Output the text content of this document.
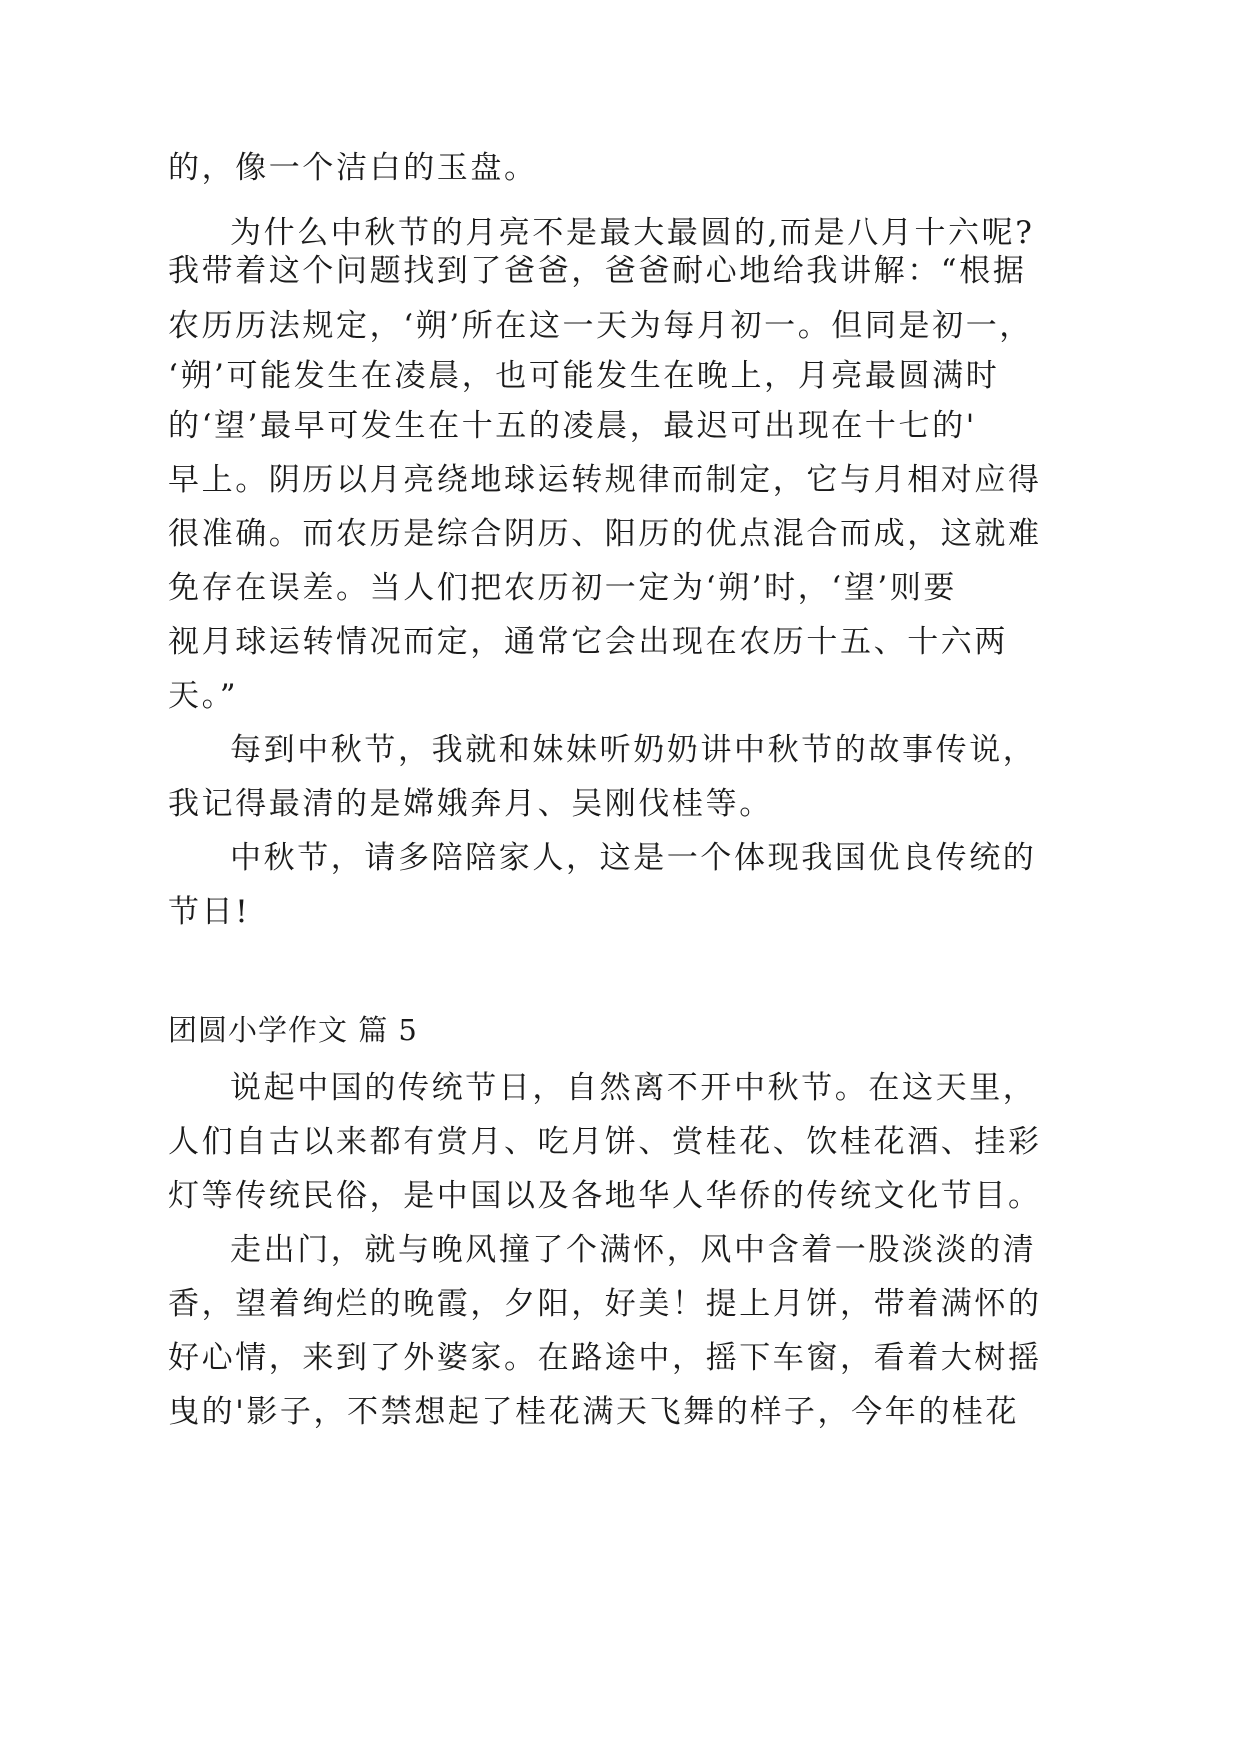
的，像一个洁白的玉盘。
为什么中秋节的月亮不是最大最圆的,而是八月十六呢?
我带着这个问题找到了爸爸，爸爸耐心地给我讲解：“根据
农历历法规定，‘朔’所在这一天为每月初一。但同是初一，
‘朔’可能发生在凌晨，也可能发生在晚上，月亮最圆满时
的‘望’最早可发生在十五的凌晨，最迟可出现在十七的'
早上。阴历以月亮绕地球运转规律而制定，它与月相对应得
很准确。而农历是综合阴历、阳历的优点混合而成，这就难
免存在误差。当人们把农历初一定为‘朔’时，‘望’则要
视月球运转情况而定，通常它会出现在农历十五、十六两
天。”
每到中秋节，我就和妹妹听奶奶讲中秋节的故事传说，
我记得最清的是嫦娥奔月、吴刚伐桂等。
中秋节，请多陪陪家人，这是一个体现我国优良传统的
节日!
团圆小学作文 篇 5
说起中国的传统节日，自然离不开中秋节。在这天里，
人们自古以来都有赏月、吃月饼、赏桂花、饮桂花酒、挂彩
灯等传统民俗，是中国以及各地华人华侨的传统文化节目。
走出门，就与晚风撞了个满怀，风中含着一股淡淡的清
香，望着绚烂的晚霞，夕阳，好美！提上月饼，带着满怀的
好心情，来到了外婆家。在路途中，摇下车窗，看着大树摇
曳的'影子，不禁想起了桂花满天飞舞的样子，今年的桂花
